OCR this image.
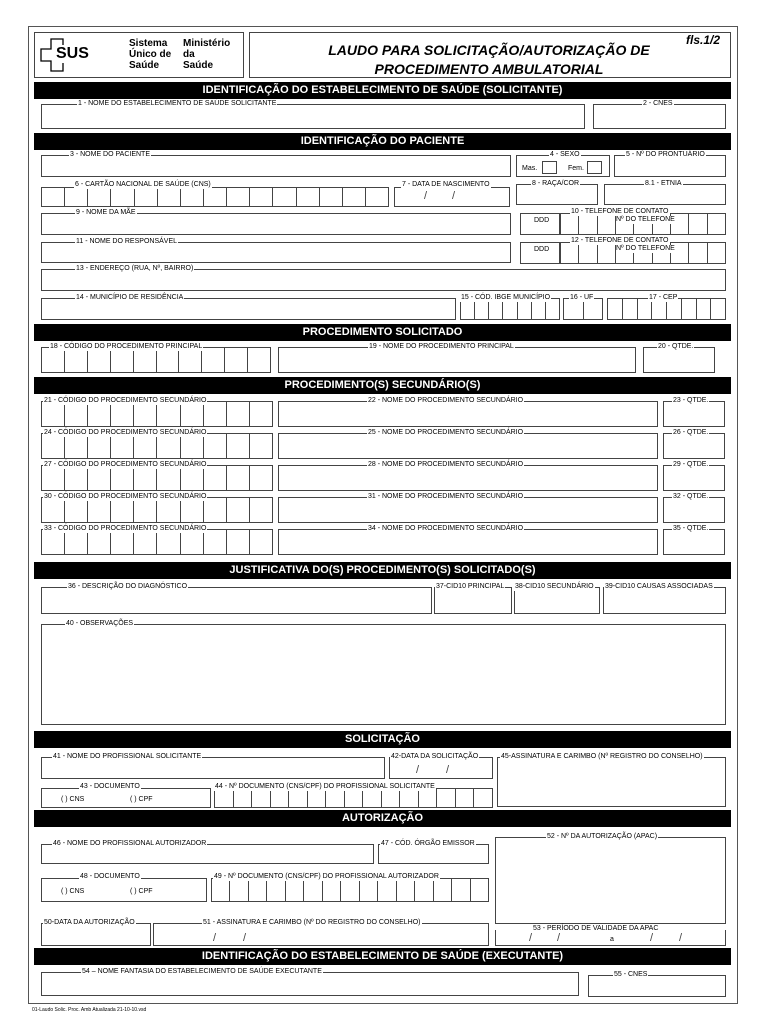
SUS
Sistema
Único de
Saúde
Ministério
da
Saúde
LAUDO PARA SOLICITAÇÃO/AUTORIZAÇÃO DE
PROCEDIMENTO AMBULATORIAL
fls.1/2
IDENTIFICAÇÃO DO ESTABELECIMENTO DE SAÚDE (SOLICITANTE)
1 - NOME DO ESTABELECIMENTO DE SAÚDE SOLICITANTE	2 - CNES
IDENTIFICAÇÃO DO PACIENTE
3 - NOME DO PACIENTE	4 - SEXO
Mas.	Fem.
5 - Nº DO PRONTUÁRIO
6 - CARTÃO NACIONAL DE SAÚDE (CNS)	7 - DATA DE NASCIMENTO
/ /
8 - RAÇA/COR	8.1 - ETNIA
9 - NOME DA MÃE
DDD
10 - TELEFONE DE CONTATO
Nº DO TELEFONE
11 - NOME DO RESPONSÁVEL
DDD
12 - TELEFONE DE CONTATO
Nº DO TELEFONE
13 - ENDEREÇO (RUA, Nº, BAIRRO)
14 - MUNICÍPIO DE RESIDÊNCIA	15 - CÓD. IBGE MUNICÍPIO	16 - UF	17 - CEP
PROCEDIMENTO SOLICITADO
18 - CÓDIGO DO PROCEDIMENTO PRINCIPAL	19 - NOME DO PROCEDIMENTO PRINCIPAL	20 - QTDE.
PROCEDIMENTO(S) SECUNDÁRIO(S)
21 - CÓDIGO DO PROCEDIMENTO SECUNDÁRIO	22 - NOME DO PROCEDIMENTO SECUNDÁRIO	23 - QTDE.
24 - CÓDIGO DO PROCEDIMENTO SECUNDÁRIO	25 - NOME DO PROCEDIMENTO SECUNDÁRIO	26 - QTDE.
27 - CÓDIGO DO PROCEDIMENTO SECUNDÁRIO	28 - NOME DO PROCEDIMENTO SECUNDÁRIO	29 - QTDE.
30 - CÓDIGO DO PROCEDIMENTO SECUNDÁRIO	31 - NOME DO PROCEDIMENTO SECUNDÁRIO	32 - QTDE.
33 - CÓDIGO DO PROCEDIMENTO SECUNDÁRIO	34 - NOME DO PROCEDIMENTO SECUNDÁRIO	35 - QTDE.
JUSTIFICATIVA DO(S) PROCEDIMENTO(S) SOLICITADO(S)
36 - DESCRIÇÃO DO DIAGNÓSTICO	37-CID10 PRINCIPAL 38-CID10 SECUNDÁRIO 39-CID10 CAUSAS ASSOCIADAS
40 - OBSERVAÇÕES
SOLICITAÇÃO
41 - NOME DO PROFISSIONAL SOLICITANTE	42-DATA DA SOLICITAÇÃO
/ /
45-ASSINATURA E CARIMBO (Nº REGISTRO DO CONSELHO)
43 - DOCUMENTO
( ) CNS	( ) CPF
44 - Nº DOCUMENTO (CNS/CPF) DO PROFISSIONAL SOLICITANTE
AUTORIZAÇÃO
46 - NOME DO PROFISSIONAL AUTORIZADOR	47 - CÓD. ÓRGÃO EMISSOR
52 - Nº DA AUTORIZAÇÃO (APAC)
48 - DOCUMENTO
( ) CNS	( ) CPF
49 - Nº DOCUMENTO (CNS/CPF) DO PROFISSIONAL AUTORIZADOR
50-DATA DA AUTORIZAÇÃO	51 - ASSINATURA E CARIMBO (Nº DO REGISTRO DO CONSELHO)
/ /
53 - PERÍODO DE VALIDADE DA APAC
/ /	a	/ /
IDENTIFICAÇÃO DO ESTABELECIMENTO DE SAÚDE (EXECUTANTE)
54 – NOME FANTASIA DO ESTABELECIMENTO DE SAÚDE EXECUTANTE	55 - CNES
01-Laudo Solic. Proc. Amb Atualizada 21-10-10.vsd
